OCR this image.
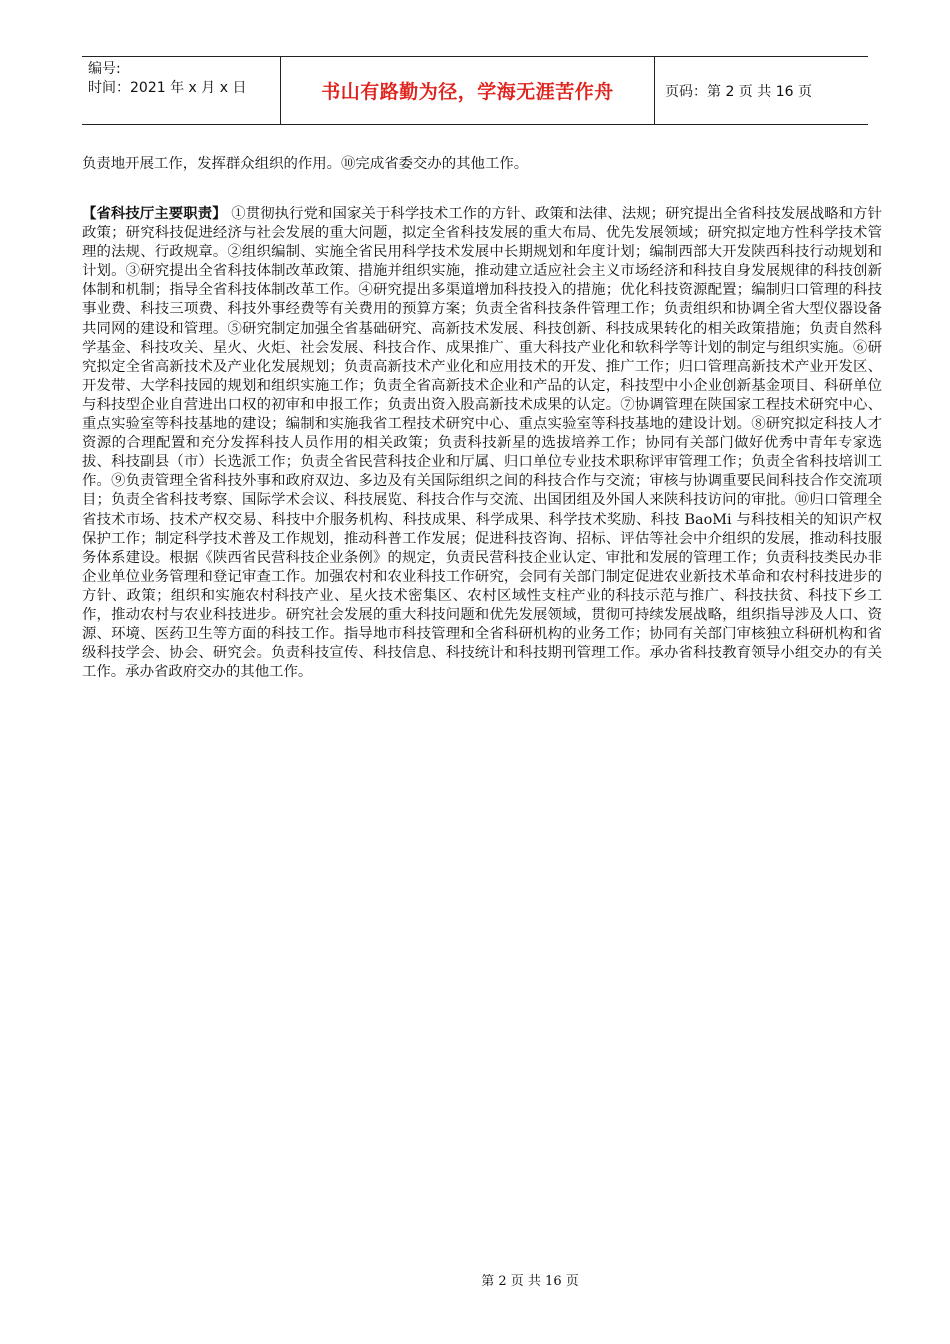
编号:
时间：2021 年 x 月 x 日	书山有路勤为径，学海无涯苦作舟	页码：第 2 页 共 16 页

负责地开展工作，发挥群众组织的作用。⑩完成省委交办的其他工作。

【省科技厅主要职责】 ①贯彻执行党和国家关于科学技术工作的方针、政策和法律、法规；研究提出全省科技发展战略和方针政策；研究科技促进经济与社会发展的重大问题，拟定全省科技发展的重大布局、优先发展领域；研究拟定地方性科学技术管理的法规、行政规章。②组织编制、实施全省民用科学技术发展中长期规划和年度计划；编制西部大开发陕西科技行动规划和计划。③研究提出全省科技体制改革政策、措施并组织实施，推动建立适应社会主义市场经济和科技自身发展规律的科技创新体制和机制；指导全省科技体制改革工作。④研究提出多渠道增加科技投入的措施；优化科技资源配置；编制归口管理的科技事业费、科技三项费、科技外事经费等有关费用的预算方案；负责全省科技条件管理工作；负责组织和协调全省大型仪器设备共同网的建设和管理。⑤研究制定加强全省基础研究、高新技术发展、科技创新、科技成果转化的相关政策措施；负责自然科学基金、科技攻关、星火、火炬、社会发展、科技合作、成果推广、重大科技产业化和软科学等计划的制定与组织实施。⑥研究拟定全省高新技术及产业化发展规划；负责高新技术产业化和应用技术的开发、推广工作；归口管理高新技术产业开发区、开发带、大学科技园的规划和组织实施工作；负责全省高新技术企业和产品的认定，科技型中小企业创新基金项目、科研单位与科技型企业自营进出口权的初审和申报工作；负责出资入股高新技术成果的认定。⑦协调管理在陕国家工程技术研究中心、重点实验室等科技基地的建设；编制和实施我省工程技术研究中心、重点实验室等科技基地的建设计划。⑧研究拟定科技人才资源的合理配置和充分发挥科技人员作用的相关政策；负责科技新星的选拔培养工作；协同有关部门做好优秀中青年专家选拔、科技副县（市）长选派工作；负责全省民营科技企业和厅属、归口单位专业技术职称评审管理工作；负责全省科技培训工作。⑨负责管理全省科技外事和政府双边、多边及有关国际组织之间的科技合作与交流；审核与协调重要民间科技合作交流项目；负责全省科技考察、国际学术会议、科技展览、科技合作与交流、出国团组及外国人来陕科技访问的审批。⑩归口管理全省技术市场、技术产权交易、科技中介服务机构、科技成果、科学成果、科学技术奖励、科技 BaoMi 与科技相关的知识产权保护工作；制定科学技术普及工作规划，推动科普工作发展；促进科技咨询、招标、评估等社会中介组织的发展，推动科技服务体系建设。根据《陕西省民营科技企业条例》的规定，负责民营科技企业认定、审批和发展的管理工作；负责科技类民办非企业单位业务管理和登记审查工作。加强农村和农业科技工作研究，会同有关部门制定促进农业新技术革命和农村科技进步的方针、政策；组织和实施农村科技产业、星火技术密集区、农村区域性支柱产业的科技示范与推广、科技扶贫、科技下乡工作，推动农村与农业科技进步。研究社会发展的重大科技问题和优先发展领域，贯彻可持续发展战略，组织指导涉及人口、资源、环境、医药卫生等方面的科技工作。指导地市科技管理和全省科研机构的业务工作；协同有关部门审核独立科研机构和省级科技学会、协会、研究会。负责科技宣传、科技信息、科技统计和科技期刊管理工作。承办省科技教育领导小组交办的有关工作。承办省政府交办的其他工作。

第 2 页 共 16 页
